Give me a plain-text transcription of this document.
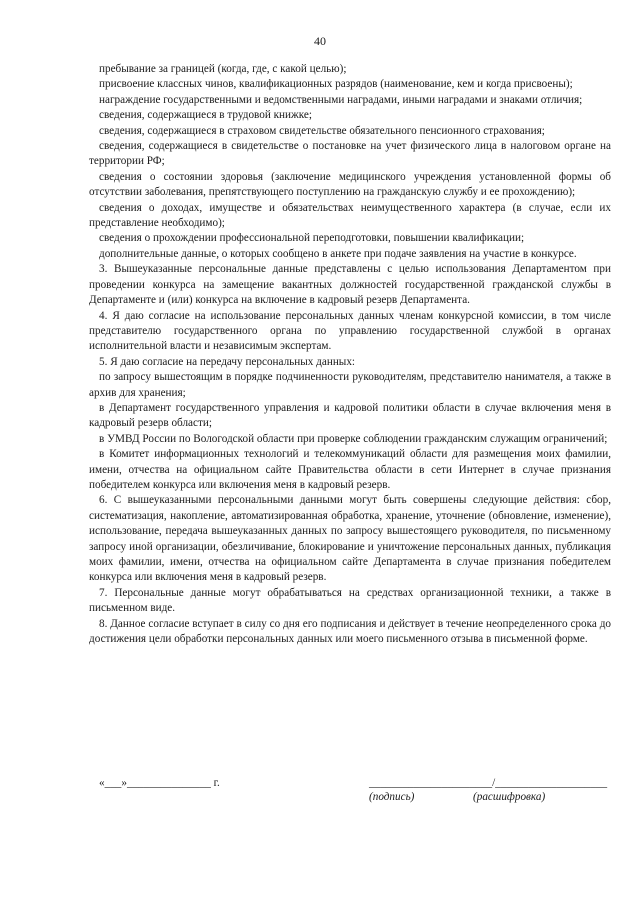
40

пребывание за границей (когда, где, с какой целью);

присвоение классных чинов, квалификационных разрядов (наименование, кем и когда присвоены);

награждение государственными и ведомственными наградами, иными наградами и знаками отличия;

сведения, содержащиеся в трудовой книжке;

сведения, содержащиеся в страховом свидетельстве обязательного пенсионного страхования;

сведения, содержащиеся в свидетельстве о постановке на учет физического лица в налоговом органе на территории РФ;

сведения о состоянии здоровья (заключение медицинского учреждения установленной формы об отсутствии заболевания, препятствующего поступлению на гражданскую службу и ее прохождению);

сведения о доходах, имуществе и обязательствах неимущественного характера (в случае, если их представление необходимо);

сведения о прохождении профессиональной переподготовки, повышении квалификации;

дополнительные данные, о которых сообщено в анкете при подаче заявления на участие в конкурсе.

3. Вышеуказанные персональные данные представлены с целью использования Департаментом при проведении конкурса на замещение вакантных должностей государственной гражданской службы в Департаменте и (или) конкурса на включение в кадровый резерв Департамента.

4. Я даю согласие на использование персональных данных членам конкурсной комиссии, в том числе представителю государственного органа по управлению государственной службой в органах исполнительной власти и независимым экспертам.

5. Я даю согласие на передачу персональных данных:

по запросу вышестоящим в порядке подчиненности руководителям, представителю нанимателя, а также в архив для хранения;

в Департамент государственного управления и кадровой политики области в случае включения меня в кадровый резерв области;

в УМВД России по Вологодской области при проверке соблюдении гражданским служащим ограничений;

в Комитет информационных технологий и телекоммуникаций области для размещения моих фамилии, имени, отчества на официальном сайте Правительства области в сети Интернет в случае признания победителем конкурса или включения меня в кадровый резерв.

6. С вышеуказанными персональными данными могут быть совершены следующие действия: сбор, систематизация, накопление, автоматизированная обработка, хранение, уточнение (обновление, изменение), использование, передача вышеуказанных данных по запросу вышестоящего руководителя, по письменному запросу иной организации, обезличивание, блокирование и уничтожение персональных данных, публикация моих фамилии, имени, отчества на официальном сайте Департамента в случае признания победителем конкурса или включения меня в кадровый резерв.

7. Персональные данные могут обрабатываться на средствах организационной техники, а также в письменном виде.

8. Данное согласие вступает в силу со дня его подписания и действует в течение неопределенного срока до достижения цели обработки персональных данных или моего письменного отзыва в письменной форме.

«___»_______________ г.	______________________/____________________
(подпись)	(расшифровка)
